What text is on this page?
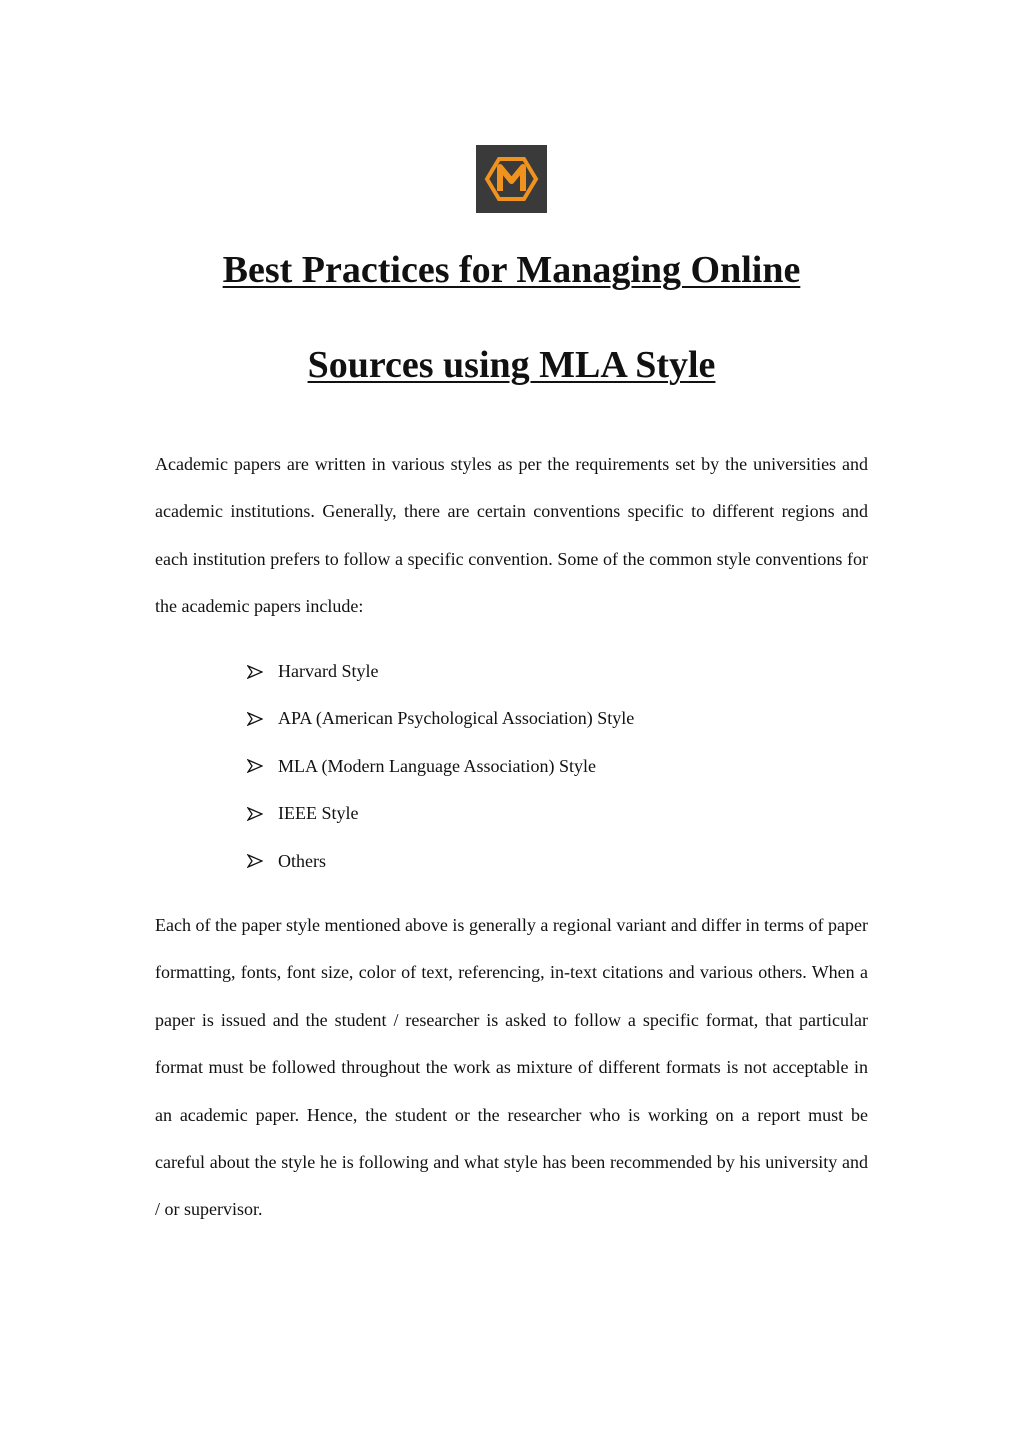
Best Practices for Managing Online
Sources using MLA Style

Academic papers are written in various styles as per the requirements set by the universities and academic institutions. Generally, there are certain conventions specific to different regions and each institution prefers to follow a specific convention. Some of the common style conventions for the academic papers include:

Harvard Style
APA (American Psychological Association) Style
MLA (Modern Language Association) Style
IEEE Style
Others

Each of the paper style mentioned above is generally a regional variant and differ in terms of paper formatting, fonts, font size, color of text, referencing, in-text citations and various others. When a paper is issued and the student / researcher is asked to follow a specific format, that particular format must be followed throughout the work as mixture of different formats is not acceptable in an academic paper. Hence, the student or the researcher who is working on a report must be careful about the style he is following and what style has been recommended by his university and / or supervisor.
